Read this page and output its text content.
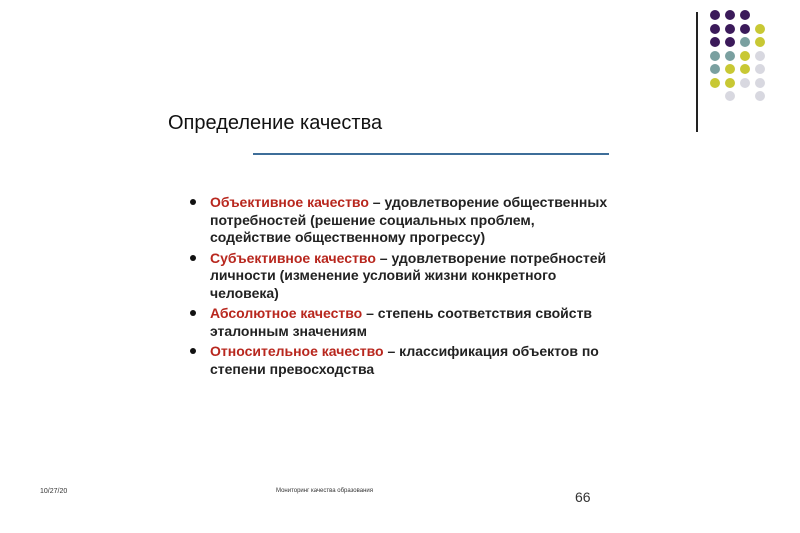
Определение качества
Объективное качество – удовлетворение общественных потребностей (решение социальных проблем, содействие общественному прогрессу)
Субъективное качество – удовлетворение потребностей личности (изменение условий жизни конкретного человека)
Абсолютное качество – степень соответствия свойств эталонным значениям
Относительное качество – классификация объектов по степени превосходства
10/27/20	Мониторинг качества образования	66
